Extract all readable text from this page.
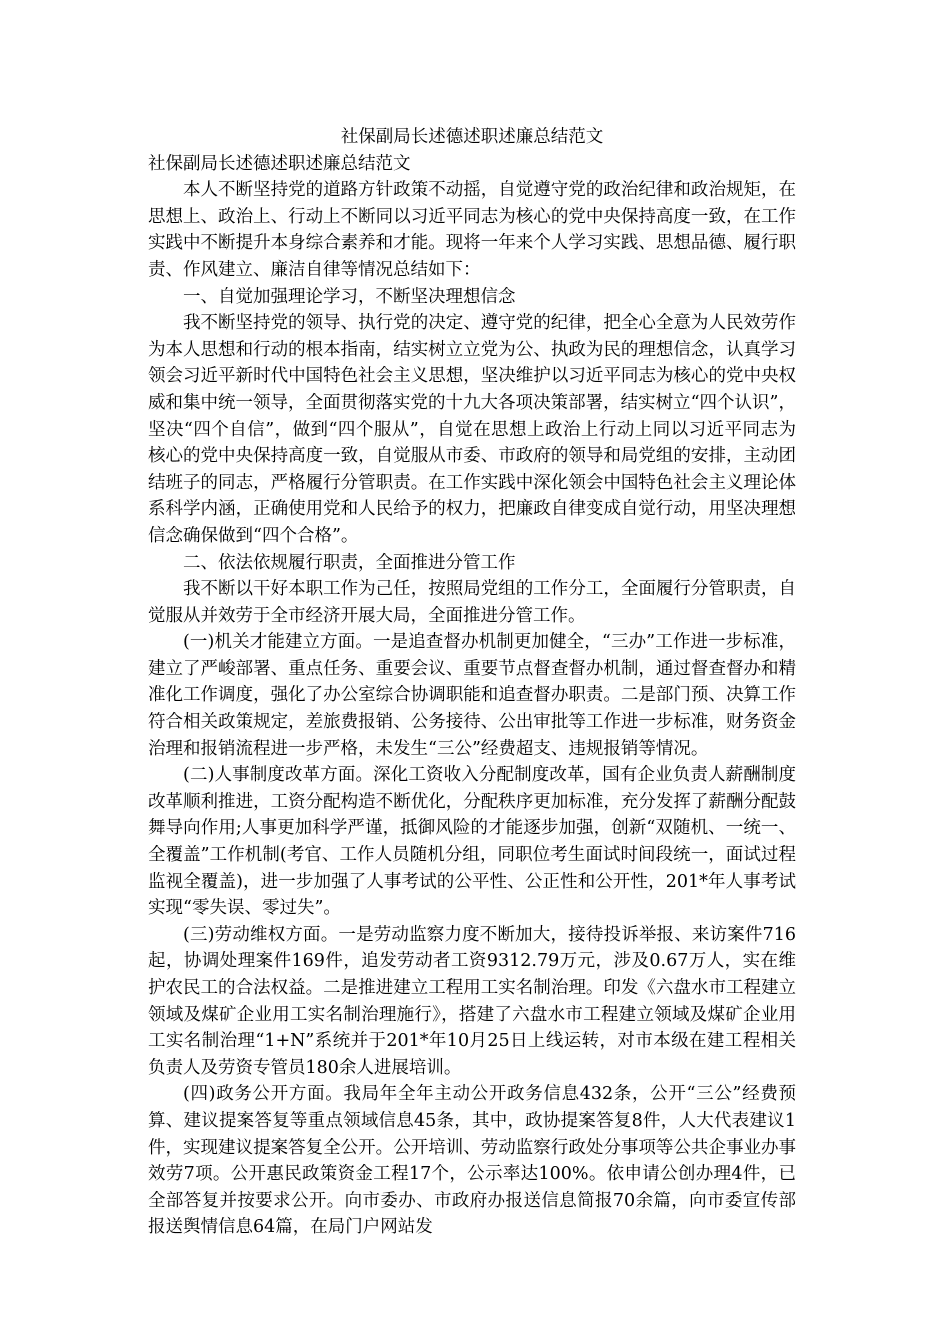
社保副局长述德述职述廉总结范文

社保副局长述德述职述廉总结范文

本人不断坚持党的道路方针政策不动摇，自觉遵守党的政治纪律和政治规矩，在思想上、政治上、行动上不断同以习近平同志为核心的党中央保持高度一致，在工作实践中不断提升本身综合素养和才能。现将一年来个人学习实践、思想品德、履行职责、作风建立、廉洁自律等情况总结如下：

一、自觉加强理论学习，不断坚决理想信念

我不断坚持党的领导、执行党的决定、遵守党的纪律，把全心全意为人民效劳作为本人思想和行动的根本指南，结实树立立党为公、执政为民的理想信念，认真学习领会习近平新时代中国特色社会主义思想，坚决维护以习近平同志为核心的党中央权威和集中统一领导，全面贯彻落实党的十九大各项决策部署，结实树立“四个认识”，坚决“四个自信”，做到“四个服从”，自觉在思想上政治上行动上同以习近平同志为核心的党中央保持高度一致，自觉服从市委、市政府的领导和局党组的安排，主动团结班子的同志，严格履行分管职责。在工作实践中深化领会中国特色社会主义理论体系科学内涵，正确使用党和人民给予的权力，把廉政自律变成自觉行动，用坚决理想信念确保做到“四个合格”。

二、依法依规履行职责，全面推进分管工作

我不断以干好本职工作为己任，按照局党组的工作分工，全面履行分管职责，自觉服从并效劳于全市经济开展大局，全面推进分管工作。

(一)机关才能建立方面。一是追查督办机制更加健全，“三办”工作进一步标准，建立了严峻部署、重点任务、重要会议、重要节点督查督办机制，通过督查督办和精准化工作调度，强化了办公室综合协调职能和追查督办职责。二是部门预、决算工作符合相关政策规定，差旅费报销、公务接待、公出审批等工作进一步标准，财务资金治理和报销流程进一步严格，未发生“三公”经费超支、违规报销等情况。

(二)人事制度改革方面。深化工资收入分配制度改革，国有企业负责人薪酬制度改革顺利推进，工资分配构造不断优化，分配秩序更加标准，充分发挥了薪酬分配鼓舞导向作用;人事更加科学严谨，抵御风险的才能逐步加强，创新“双随机、一统一、全覆盖”工作机制(考官、工作人员随机分组，同职位考生面试时间段统一，面试过程监视全覆盖)，进一步加强了人事考试的公平性、公正性和公开性，201*年人事考试实现“零失误、零过失”。

(三)劳动维权方面。一是劳动监察力度不断加大，接待投诉举报、来访案件716起，协调处理案件169件，追发劳动者工资9312.79万元，涉及0.67万人，实在维护农民工的合法权益。二是推进建立工程用工实名制治理。印发《六盘水市工程建立领域及煤矿企业用工实名制治理施行》，搭建了六盘水市工程建立领域及煤矿企业用工实名制治理“1+N”系统并于201*年10月25日上线运转，对市本级在建工程相关负责人及劳资专管员180余人进展培训。

(四)政务公开方面。我局年全年主动公开政务信息432条，公开“三公”经费预算、建议提案答复等重点领域信息45条，其中，政协提案答复8件，人大代表建议1件，实现建议提案答复全公开。公开培训、劳动监察行政处分事项等公共企事业办事效劳7项。公开惠民政策资金工程17个，公示率达100%。依申请公创办理4件，已全部答复并按要求公开。向市委办、市政府办报送信息简报70余篇，向市委宣传部报送舆情信息64篇，在局门户网站发
